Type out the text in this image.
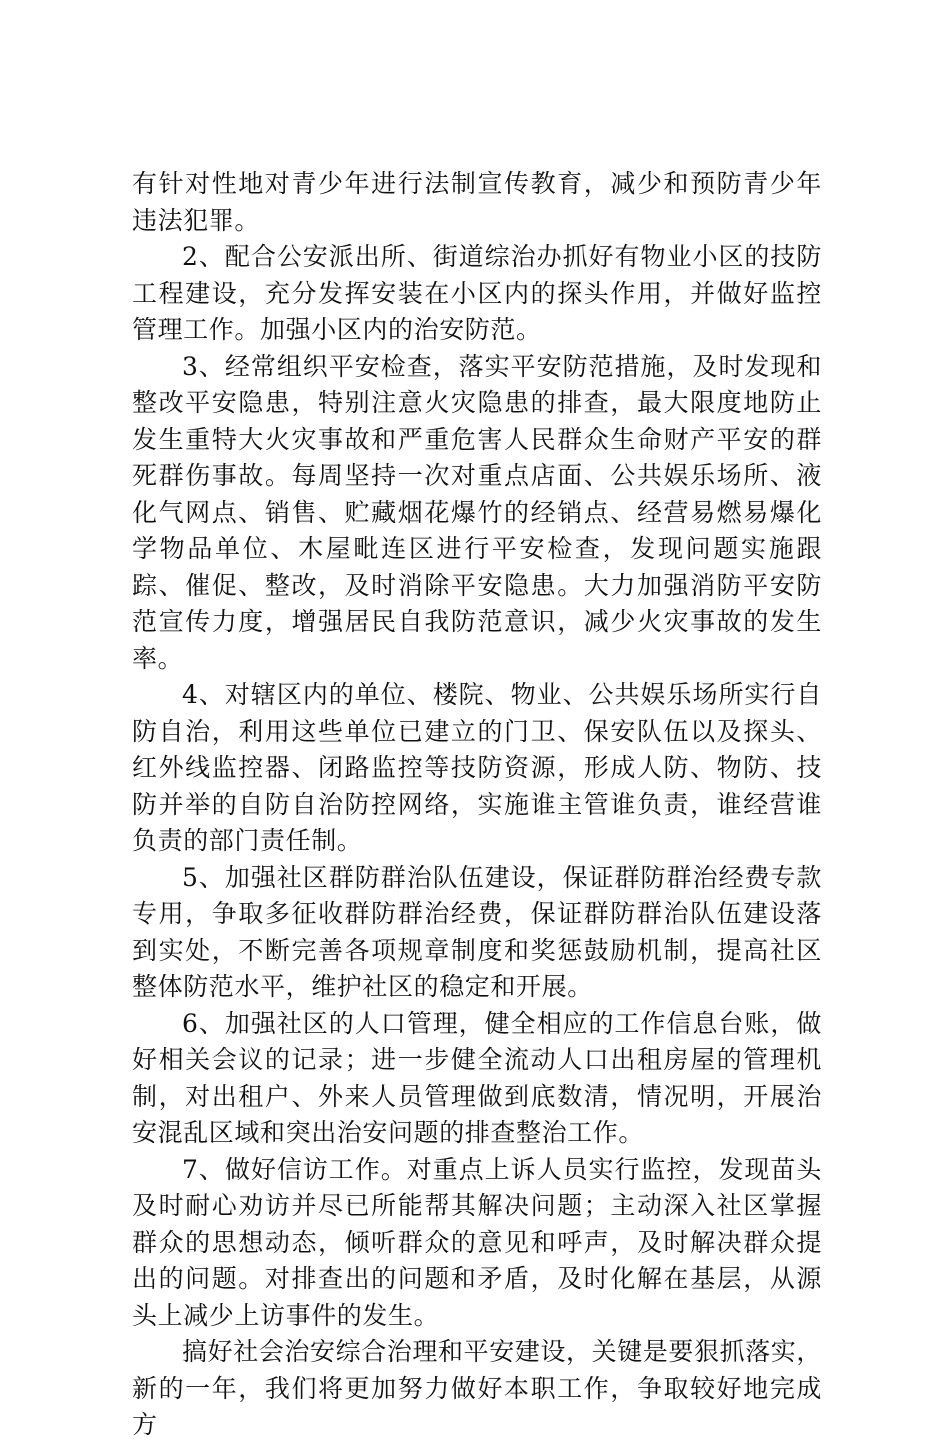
有针对性地对青少年进行法制宣传教育，减少和预防青少年违法犯罪。

2、配合公安派出所、街道综治办抓好有物业小区的技防工程建设，充分发挥安装在小区内的探头作用，并做好监控管理工作。加强小区内的治安防范。

3、经常组织平安检查，落实平安防范措施，及时发现和整改平安隐患，特别注意火灾隐患的排查，最大限度地防止发生重特大火灾事故和严重危害人民群众生命财产平安的群死群伤事故。每周坚持一次对重点店面、公共娱乐场所、液化气网点、销售、贮藏烟花爆竹的经销点、经营易燃易爆化学物品单位、木屋毗连区进行平安检查，发现问题实施跟踪、催促、整改，及时消除平安隐患。大力加强消防平安防范宣传力度，增强居民自我防范意识，减少火灾事故的发生率。

4、对辖区内的单位、楼院、物业、公共娱乐场所实行自防自治，利用这些单位已建立的门卫、保安队伍以及探头、红外线监控器、闭路监控等技防资源，形成人防、物防、技防并举的自防自治防控网络，实施谁主管谁负责，谁经营谁负责的部门责任制。

5、加强社区群防群治队伍建设，保证群防群治经费专款专用，争取多征收群防群治经费，保证群防群治队伍建设落到实处，不断完善各项规章制度和奖惩鼓励机制，提高社区整体防范水平，维护社区的稳定和开展。

6、加强社区的人口管理，健全相应的工作信息台账，做好相关会议的记录；进一步健全流动人口出租房屋的管理机制，对出租户、外来人员管理做到底数清，情况明，开展治安混乱区域和突出治安问题的排查整治工作。

7、做好信访工作。对重点上诉人员实行监控，发现苗头及时耐心劝访并尽已所能帮其解决问题；主动深入社区掌握群众的思想动态，倾听群众的意见和呼声，及时解决群众提出的问题。对排查出的问题和矛盾，及时化解在基层，从源头上减少上访事件的发生。

搞好社会治安综合治理和平安建设，关键是要狠抓落实，新的一年，我们将更加努力做好本职工作，争取较好地完成方
